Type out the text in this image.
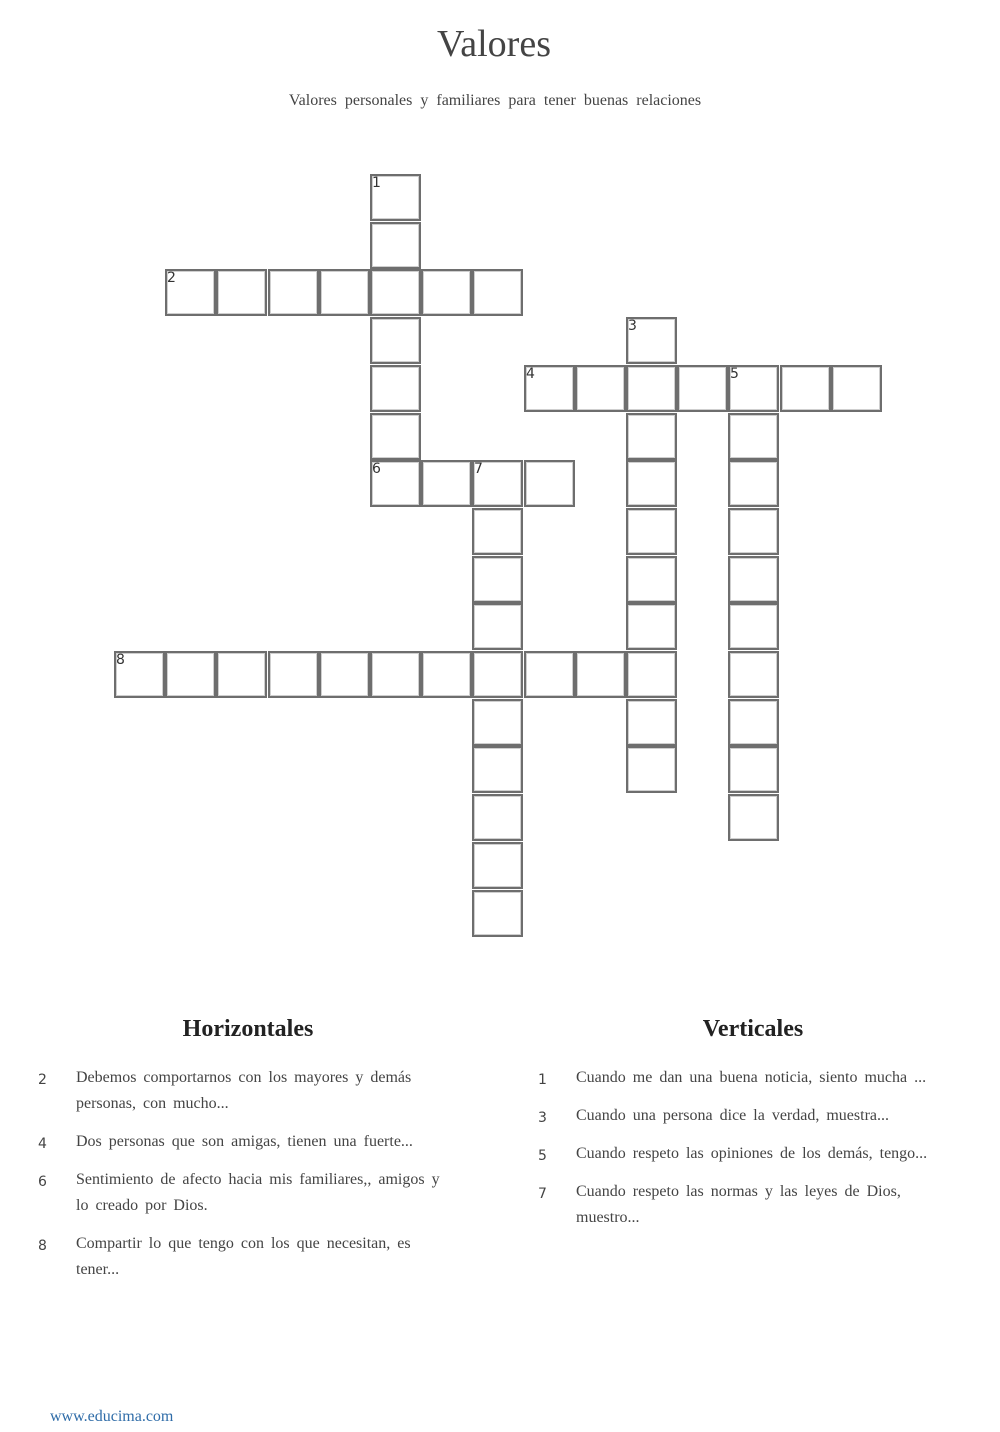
Valores
Valores personales y familiares para tener buenas relaciones
1
6
2
3
4	5
7
8
Horizontales
2 Debemos comportarnos con los mayores y demás personas, con mucho...
4 Dos personas que son amigas, tienen una fuerte...
6 Sentimiento de afecto hacia mis familiares,, amigos y lo creado por Dios.
8 Compartir lo que tengo con los que necesitan, es tener...
Verticales
1 Cuando me dan una buena noticia, siento mucha ...
3 Cuando una persona dice la verdad, muestra...
5 Cuando respeto las opiniones de los demás, tengo...
7 Cuando respeto las normas y las leyes de Dios, muestro...
www.educima.com
